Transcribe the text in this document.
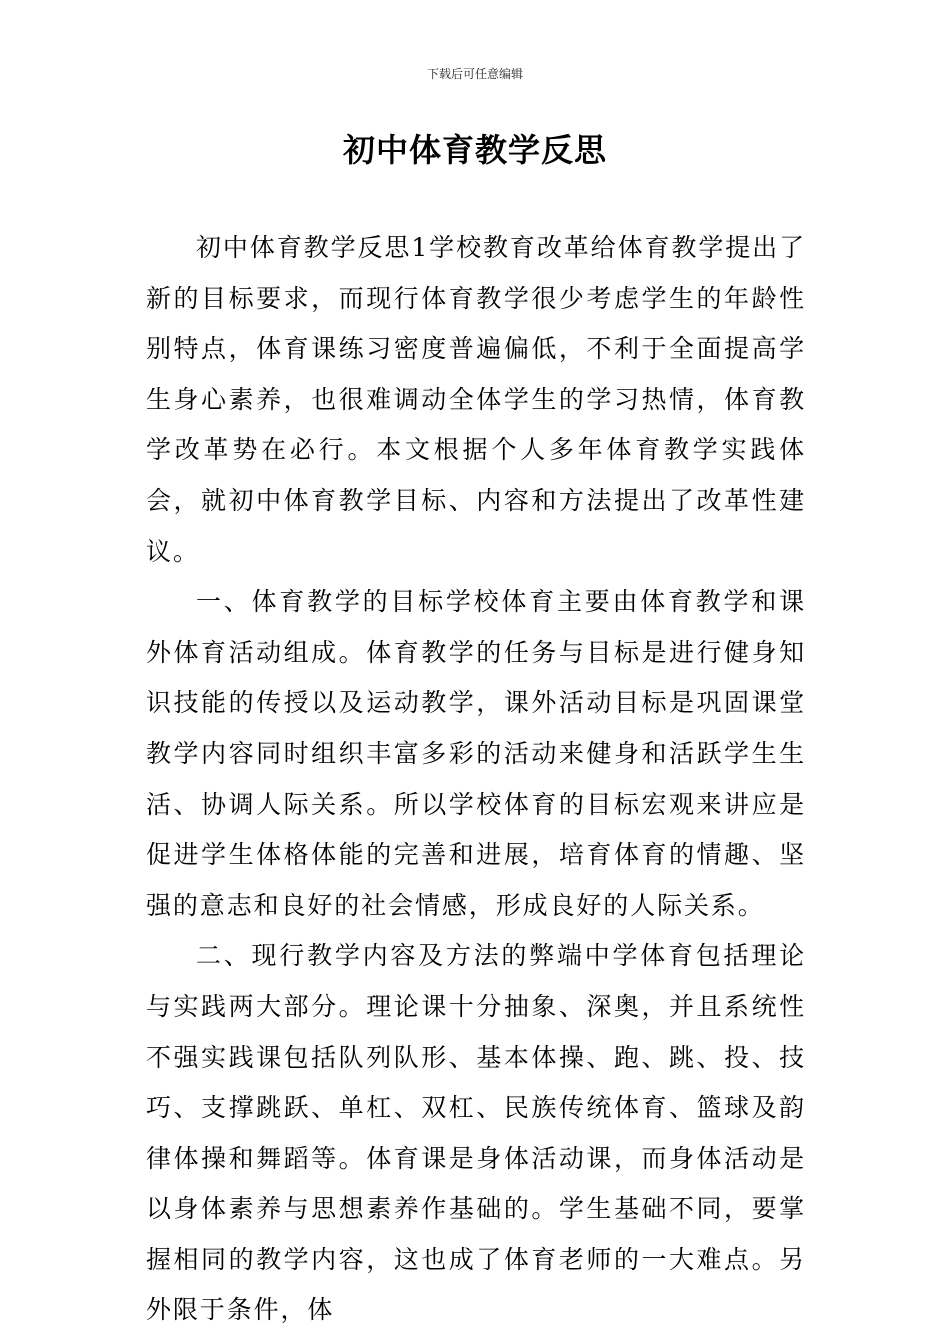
下载后可任意编辑
初中体育教学反思

初中体育教学反思1学校教育改革给体育教学提出了新的目标要求，而现行体育教学很少考虑学生的年龄性别特点，体育课练习密度普遍偏低，不利于全面提高学生身心素养，也很难调动全体学生的学习热情，体育教学改革势在必行。本文根据个人多年体育教学实践体会，就初中体育教学目标、内容和方法提出了改革性建议。

一、体育教学的目标学校体育主要由体育教学和课外体育活动组成。体育教学的任务与目标是进行健身知识技能的传授以及运动教学，课外活动目标是巩固课堂教学内容同时组织丰富多彩的活动来健身和活跃学生生活、协调人际关系。所以学校体育的目标宏观来讲应是促进学生体格体能的完善和进展，培育体育的情趣、坚强的意志和良好的社会情感，形成良好的人际关系。

二、现行教学内容及方法的弊端中学体育包括理论与实践两大部分。理论课十分抽象、深奥，并且系统性不强实践课包括队列队形、基本体操、跑、跳、投、技巧、支撑跳跃、单杠、双杠、民族传统体育、篮球及韵律体操和舞蹈等。体育课是身体活动课，而身体活动是以身体素养与思想素养作基础的。学生基础不同，要掌握相同的教学内容，这也成了体育老师的一大难点。另外限于条件，体
